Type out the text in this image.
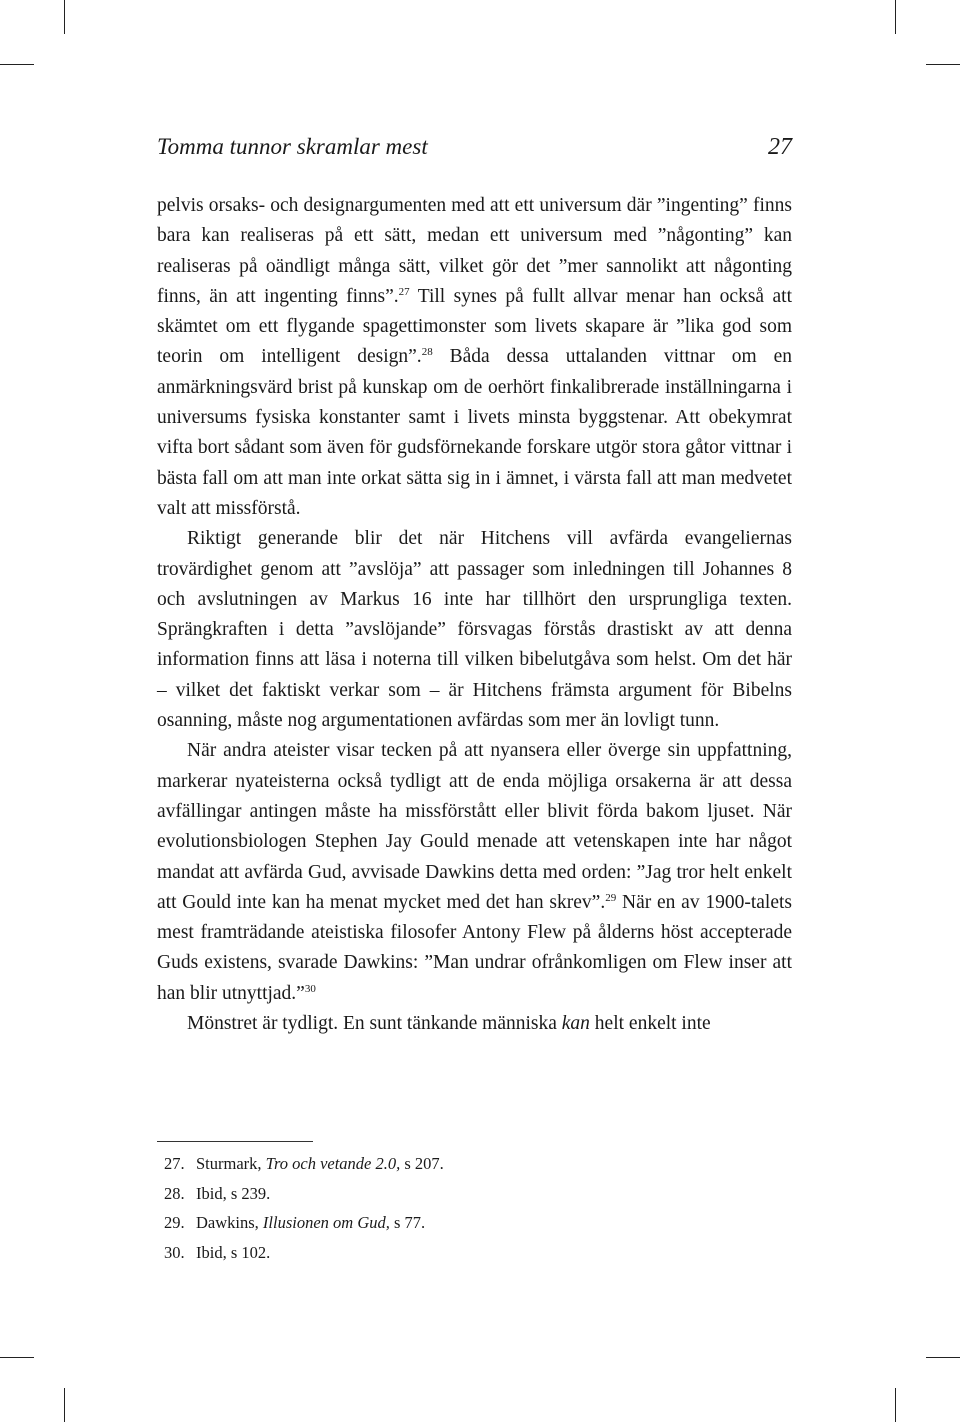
Tomma tunnor skramlar mest	27

pelvis orsaks- och designargumenten med att ett universum där ”ingenting” finns bara kan realiseras på ett sätt, medan ett universum med ”någonting” kan realiseras på oändligt många sätt, vilket gör det ”mer sannolikt att någonting finns, än att ingenting finns”.$^{27}$ Till synes på fullt allvar menar han också att skämtet om ett flygande spagettimonster som livets skapare är ”lika god som teorin om intelligent design”.$^{28}$ Båda dessa uttalanden vittnar om en anmärkningsvärd brist på kunskap om de oerhört finkalibrerade inställningarna i universums fysiska konstanter samt i livets minsta byggstenar. Att obekymrat vifta bort sådant som även för gudsförnekande forskare utgör stora gåtor vittnar i bästa fall om att man inte orkat sätta sig in i ämnet, i värsta fall att man medvetet valt att missförstå.

Riktigt generande blir det när Hitchens vill avfärda evangeliernas trovärdighet genom att ”avslöja” att passager som inledningen till Johannes 8 och avslutningen av Markus 16 inte har tillhört den ursprungliga texten. Sprängkraften i detta ”avslöjande” försvagas förstås drastiskt av att denna information finns att läsa i noterna till vilken bibelutgåva som helst. Om det här – vilket det faktiskt verkar som – är Hitchens främsta argument för Bibelns osanning, måste nog argumentationen avfärdas som mer än lovligt tunn.

När andra ateister visar tecken på att nyansera eller överge sin uppfattning, markerar nyateisterna också tydligt att de enda möjliga orsakerna är att dessa avfällingar antingen måste ha missförstått eller blivit förda bakom ljuset. När evolutionsbiologen Stephen Jay Gould menade att vetenskapen inte har något mandat att avfärda Gud, avvisade Dawkins detta med orden: ”Jag tror helt enkelt att Gould inte kan ha menat mycket med det han skrev”.$^{29}$ När en av 1900-talets mest framträdande ateistiska filosofer Antony Flew på ålderns höst accepterade Guds existens, svarade Dawkins: ”Man undrar ofrånkomligen om Flew inser att han blir utnyttjad.”$^{30}$

Mönstret är tydligt. En sunt tänkande människa kan helt enkelt inte

27. Sturmark, Tro och vetande 2.0, s 207.
28. Ibid, s 239.
29. Dawkins, Illusionen om Gud, s 77.
30. Ibid, s 102.
